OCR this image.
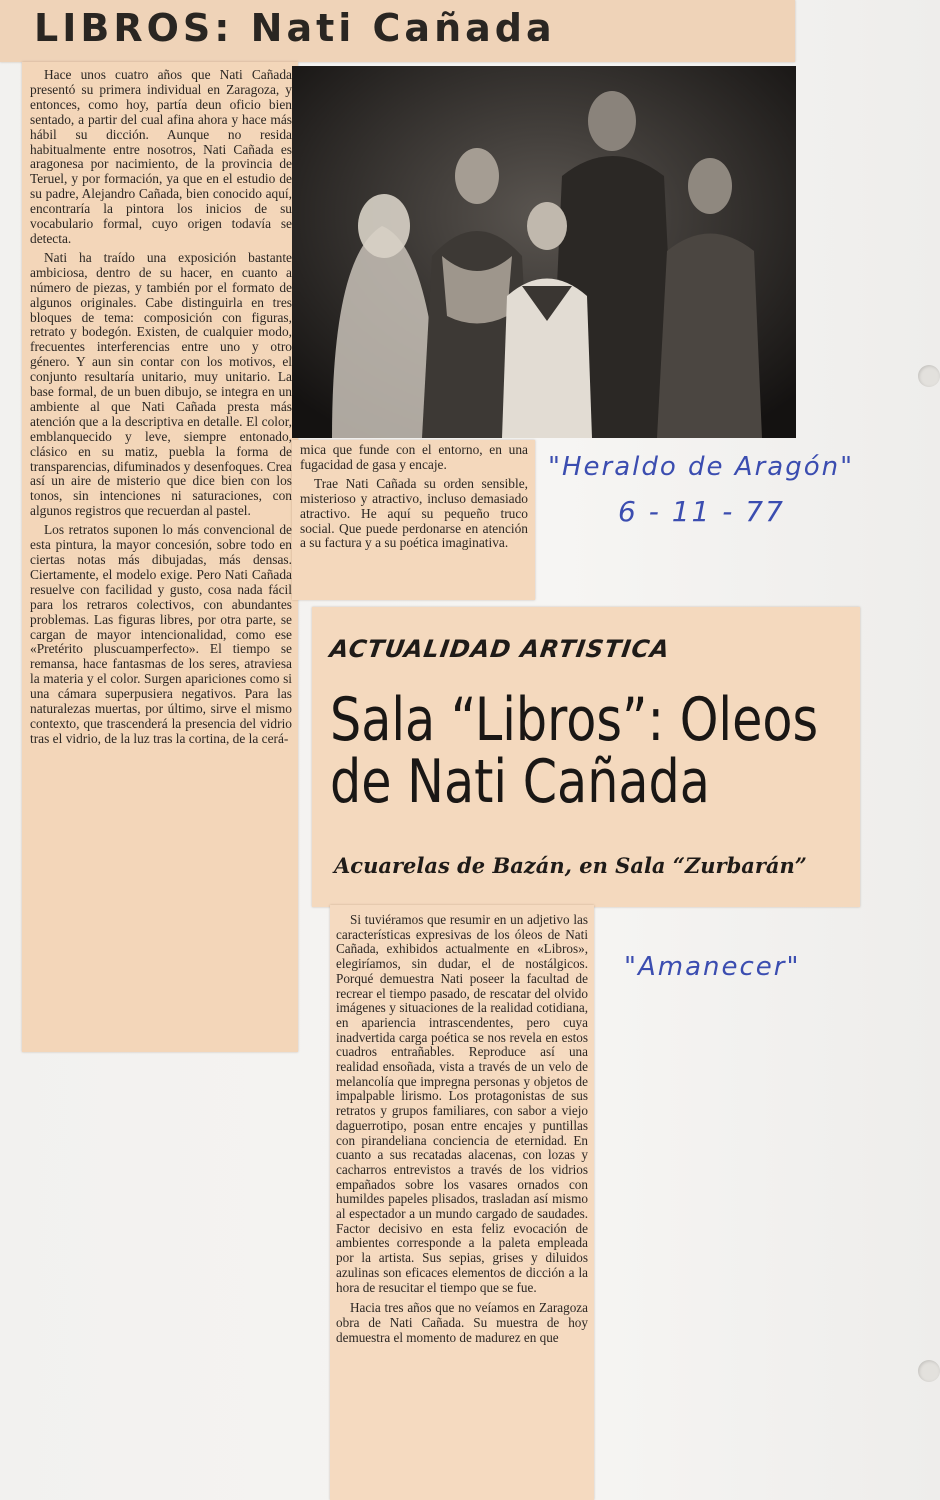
LIBROS: Nati Cañada

Hace unos cuatro años que Nati Cañada presentó su primera individual en Zaragoza, y entonces, como hoy, partía deun oficio bien sentado, a partir del cual afina ahora y hace más hábil su dicción. Aunque no resida habitualmente entre nosotros, Nati Cañada es aragonesa por nacimiento, de la provincia de Teruel, y por formación, ya que en el estudio de su padre, Alejandro Cañada, bien conocido aquí, encontraría la pintora los inicios de su vocabulario formal, cuyo origen todavía se detecta.

Nati ha traído una exposición bastante ambiciosa, dentro de su hacer, en cuanto a número de piezas, y también por el formato de algunos originales. Cabe distinguirla en tres bloques de tema: composición con figuras, retrato y bodegón. Existen, de cualquier modo, frecuentes interferencias entre uno y otro género. Y aun sin contar con los motivos, el conjunto resultaría unitario, muy unitario. La base formal, de un buen dibujo, se integra en un ambiente al que Nati Cañada presta más atención que a la descriptiva en detalle. El color, emblanquecido y leve, siempre entonado, clásico en su matiz, puebla la forma de transparencias, difuminados y desenfoques. Crea así un aire de misterio que dice bien con los tonos, sin intenciones ni saturaciones, con algunos registros que recuerdan al pastel.

Los retratos suponen lo más convencional de esta pintura, la mayor concesión, sobre todo en ciertas notas más dibujadas, más densas. Ciertamente, el modelo exige. Pero Nati Cañada resuelve con facilidad y gusto, cosa nada fácil para los retraros colectivos, con abundantes problemas. Las figuras libres, por otra parte, se cargan de mayor intencionalidad, como ese «Pretérito pluscuamperfecto». El tiempo se remansa, hace fantasmas de los seres, atraviesa la materia y el color. Surgen apariciones como si una cámara superpusiera negativos. Para las naturalezas muertas, por último, sirve el mismo contexto, que trascenderá la presencia del vidrio tras el vidrio, de la luz tras la cortina, de la cerá-

mica que funde con el entorno, en una fugacidad de gasa y encaje.

Trae Nati Cañada su orden sensible, misterioso y atractivo, incluso demasiado atractivo. He aquí su pequeño truco social. Que puede perdonarse en atención a su factura y a su poética imaginativa.

"Heraldo de Aragón"
6 - 11 - 77
ACTUALIDAD ARTISTICA
Sala “Libros”: Oleos
de Nati Cañada
Acuarelas de Bazán, en Sala “Zurbarán”

Si tuviéramos que resumir en un adjetivo las características expresivas de los óleos de Nati Cañada, exhibidos actualmente en «Libros», elegiríamos, sin dudar, el de nostálgicos. Porqué demuestra Nati poseer la facultad de recrear el tiempo pasado, de rescatar del olvido imágenes y situaciones de la realidad cotidiana, en apariencia intrascendentes, pero cuya inadvertida carga poética se nos revela en estos cuadros entrañables. Reproduce así una realidad ensoñada, vista a través de un velo de melancolía que impregna personas y objetos de impalpable lirismo. Los protagonistas de sus retratos y grupos familiares, con sabor a viejo daguerrotipo, posan entre encajes y puntillas con pirandeliana conciencia de eternidad. En cuanto a sus recatadas alacenas, con lozas y cacharros entrevistos a través de los vidrios empañados sobre los vasares ornados con humildes papeles plisados, trasladan así mismo al espectador a un mundo cargado de saudades. Factor decisivo en esta feliz evocación de ambientes corresponde a la paleta empleada por la artista. Sus sepias, grises y diluidos azulinas son eficaces elementos de dicción a la hora de resucitar el tiempo que se fue.

Hacia tres años que no veíamos en Zaragoza obra de Nati Cañada. Su muestra de hoy demuestra el momento de madurez en que

"Amanecer"
